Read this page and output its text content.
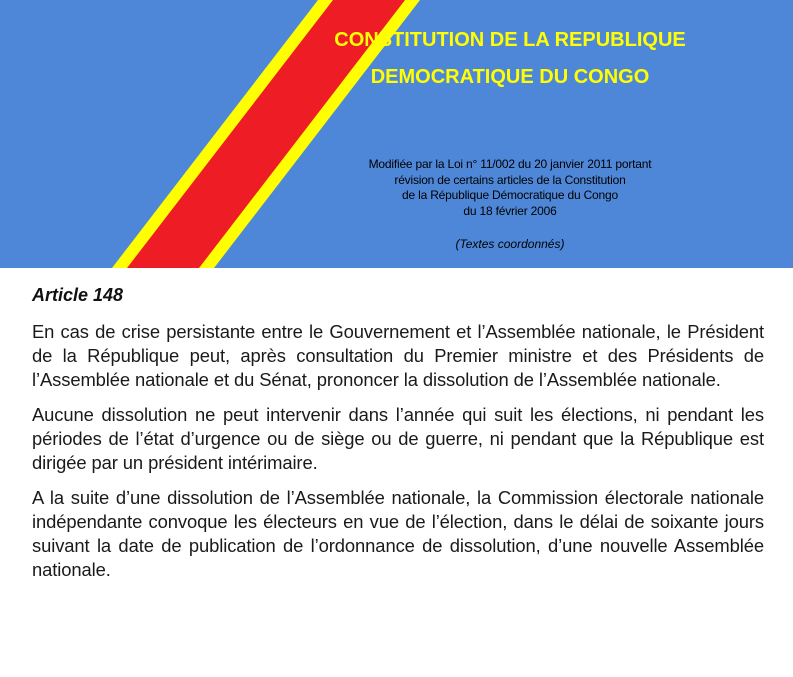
CONSTITUTION DE LA REPUBLIQUE

DEMOCRATIQUE DU CONGO

Modifiée par la Loi n° 11/002 du 20 janvier 2011 portant
révision de certains articles de la Constitution
de la République Démocratique du Congo
du 18 février 2006
(Textes coordonnés)

Article 148

En cas de crise persistante entre le Gouvernement et l’Assemblée nationale, le Président de la République peut, après consultation du Premier ministre et des Présidents de l’Assemblée nationale et du Sénat, prononcer la dissolution de l’Assemblée nationale.

Aucune dissolution ne peut intervenir dans l’année qui suit les élections, ni pendant les périodes de l’état d’urgence ou de siège ou de guerre, ni pendant que la République est dirigée par un président intérimaire.

A la suite d’une dissolution de l’Assemblée nationale, la Commission électorale nationale indépendante convoque les électeurs en vue de l’élection, dans le délai de soixante jours suivant la date de publication de l’ordonnance de dissolution, d’une nouvelle Assemblée nationale.
